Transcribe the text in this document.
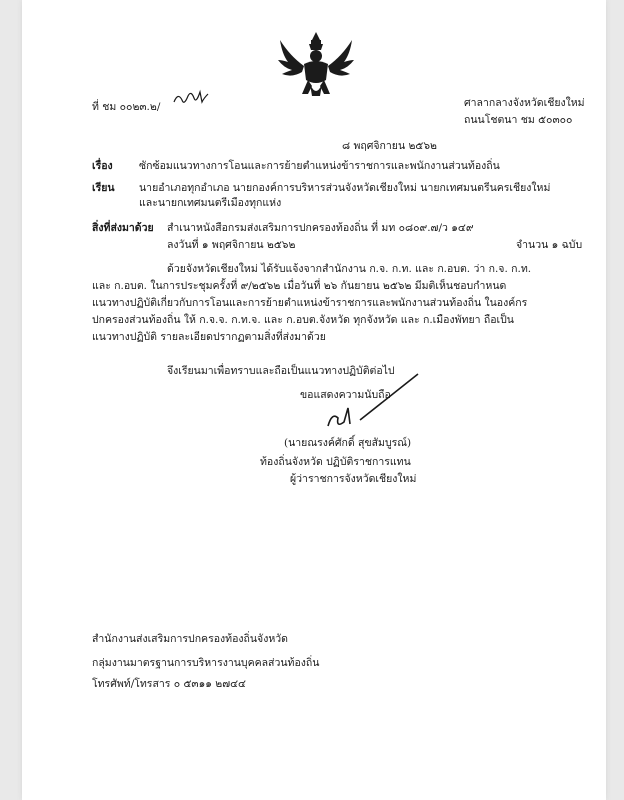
ที่ ชม ๐๐๒๓.๒/	ศาลากลางจังหวัดเชียงใหม่
ถนนโชตนา ชม ๕๐๓๐๐
๘ พฤศจิกายน ๒๕๖๒
เรื่อง	ซักซ้อมแนวทางการโอนและการย้ายตำแหน่งข้าราชการและพนักงานส่วนท้องถิ่น
เรียน นายอำเภอทุกอำเภอ นายกองค์การบริหารส่วนจังหวัดเชียงใหม่ นายกเทศมนตรีนครเชียงใหม่
และนายกเทศมนตรีเมืองทุกแห่ง
สิ่งที่ส่งมาด้วย สำเนาหนังสือกรมส่งเสริมการปกครองท้องถิ่น ที่ มท ๐๘๐๙.๗/ว ๑๔๙
ลงวันที่ ๑ พฤศจิกายน ๒๕๖๒	จำนวน ๑ ฉบับ
ด้วยจังหวัดเชียงใหม่ ได้รับแจ้งจากสำนักงาน ก.จ. ก.ท. และ ก.อบต. ว่า ก.จ. ก.ท.
และ ก.อบต. ในการประชุมครั้งที่ ๙/๒๕๖๒ เมื่อวันที่ ๒๖ กันยายน ๒๕๖๒ มีมติเห็นชอบกำหนด
แนวทางปฏิบัติเกี่ยวกับการโอนและการย้ายตำแหน่งข้าราชการและพนักงานส่วนท้องถิ่น ในองค์กร
ปกครองส่วนท้องถิ่น ให้ ก.จ.จ. ก.ท.จ. และ ก.อบต.จังหวัด ทุกจังหวัด และ ก.เมืองพัทยา ถือเป็น
แนวทางปฏิบัติ รายละเอียดปรากฏตามสิ่งที่ส่งมาด้วย
จึงเรียนมาเพื่อทราบและถือเป็นแนวทางปฏิบัติต่อไป
ขอแสดงความนับถือ
(นายณรงค์ศักดิ์ สุขสัมบูรณ์)
ท้องถิ่นจังหวัด ปฏิบัติราชการแทน
ผู้ว่าราชการจังหวัดเชียงใหม่
สำนักงานส่งเสริมการปกครองท้องถิ่นจังหวัด
กลุ่มงานมาตรฐานการบริหารงานบุคคลส่วนท้องถิ่น
โทรศัพท์/โทรสาร ๐ ๕๓๑๑ ๒๗๔๔
